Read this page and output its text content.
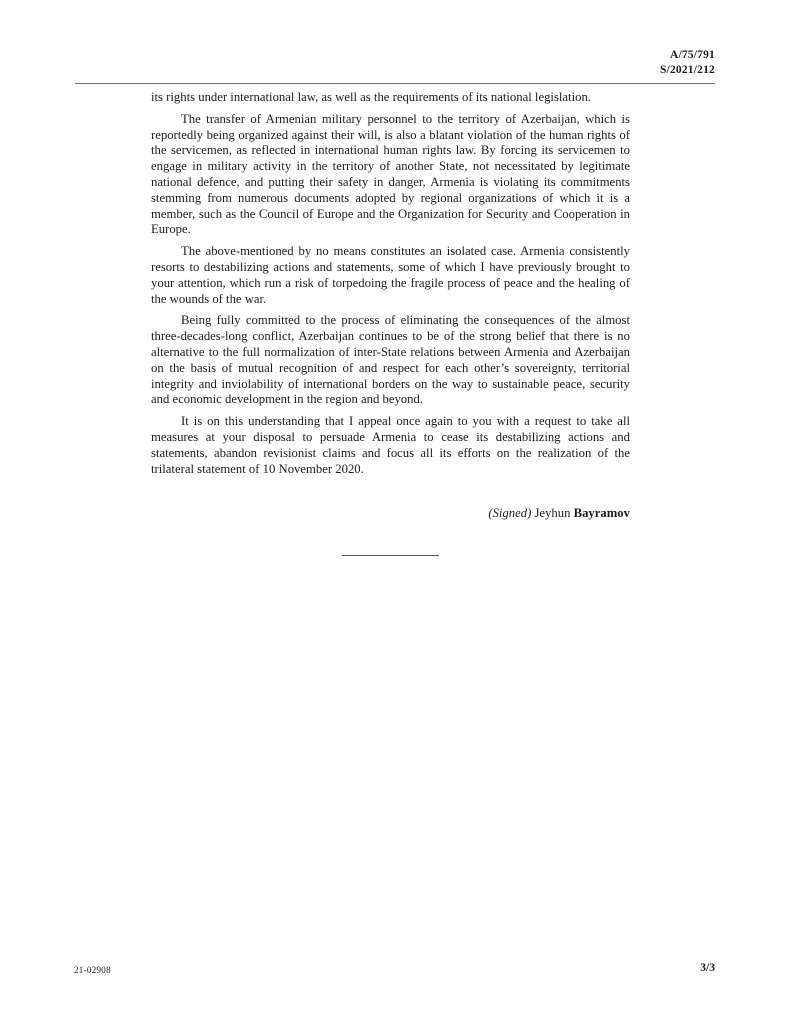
A/75/791
S/2021/212

its rights under international law, as well as the requirements of its national legislation.

The transfer of Armenian military personnel to the territory of Azerbaijan, which is reportedly being organized against their will, is also a blatant violation of the human rights of the servicemen, as reflected in international human rights law. By forcing its servicemen to engage in military activity in the territory of another State, not necessitated by legitimate national defence, and putting their safety in danger, Armenia is violating its commitments stemming from numerous documents adopted by regional organizations of which it is a member, such as the Council of Europe and the Organization for Security and Cooperation in Europe.

The above-mentioned by no means constitutes an isolated case. Armenia consistently resorts to destabilizing actions and statements, some of which I have previously brought to your attention, which run a risk of torpedoing the fragile process of peace and the healing of the wounds of the war.

Being fully committed to the process of eliminating the consequences of the almost three-decades-long conflict, Azerbaijan continues to be of the strong belief that there is no alternative to the full normalization of inter-State relations between Armenia and Azerbaijan on the basis of mutual recognition of and respect for each other’s sovereignty, territorial integrity and inviolability of international borders on the way to sustainable peace, security and economic development in the region and beyond.

It is on this understanding that I appeal once again to you with a request to take all measures at your disposal to persuade Armenia to cease its destabilizing actions and statements, abandon revisionist claims and focus all its efforts on the realization of the trilateral statement of 10 November 2020.

(Signed) Jeyhun Bayramov

21-02908	3/3
